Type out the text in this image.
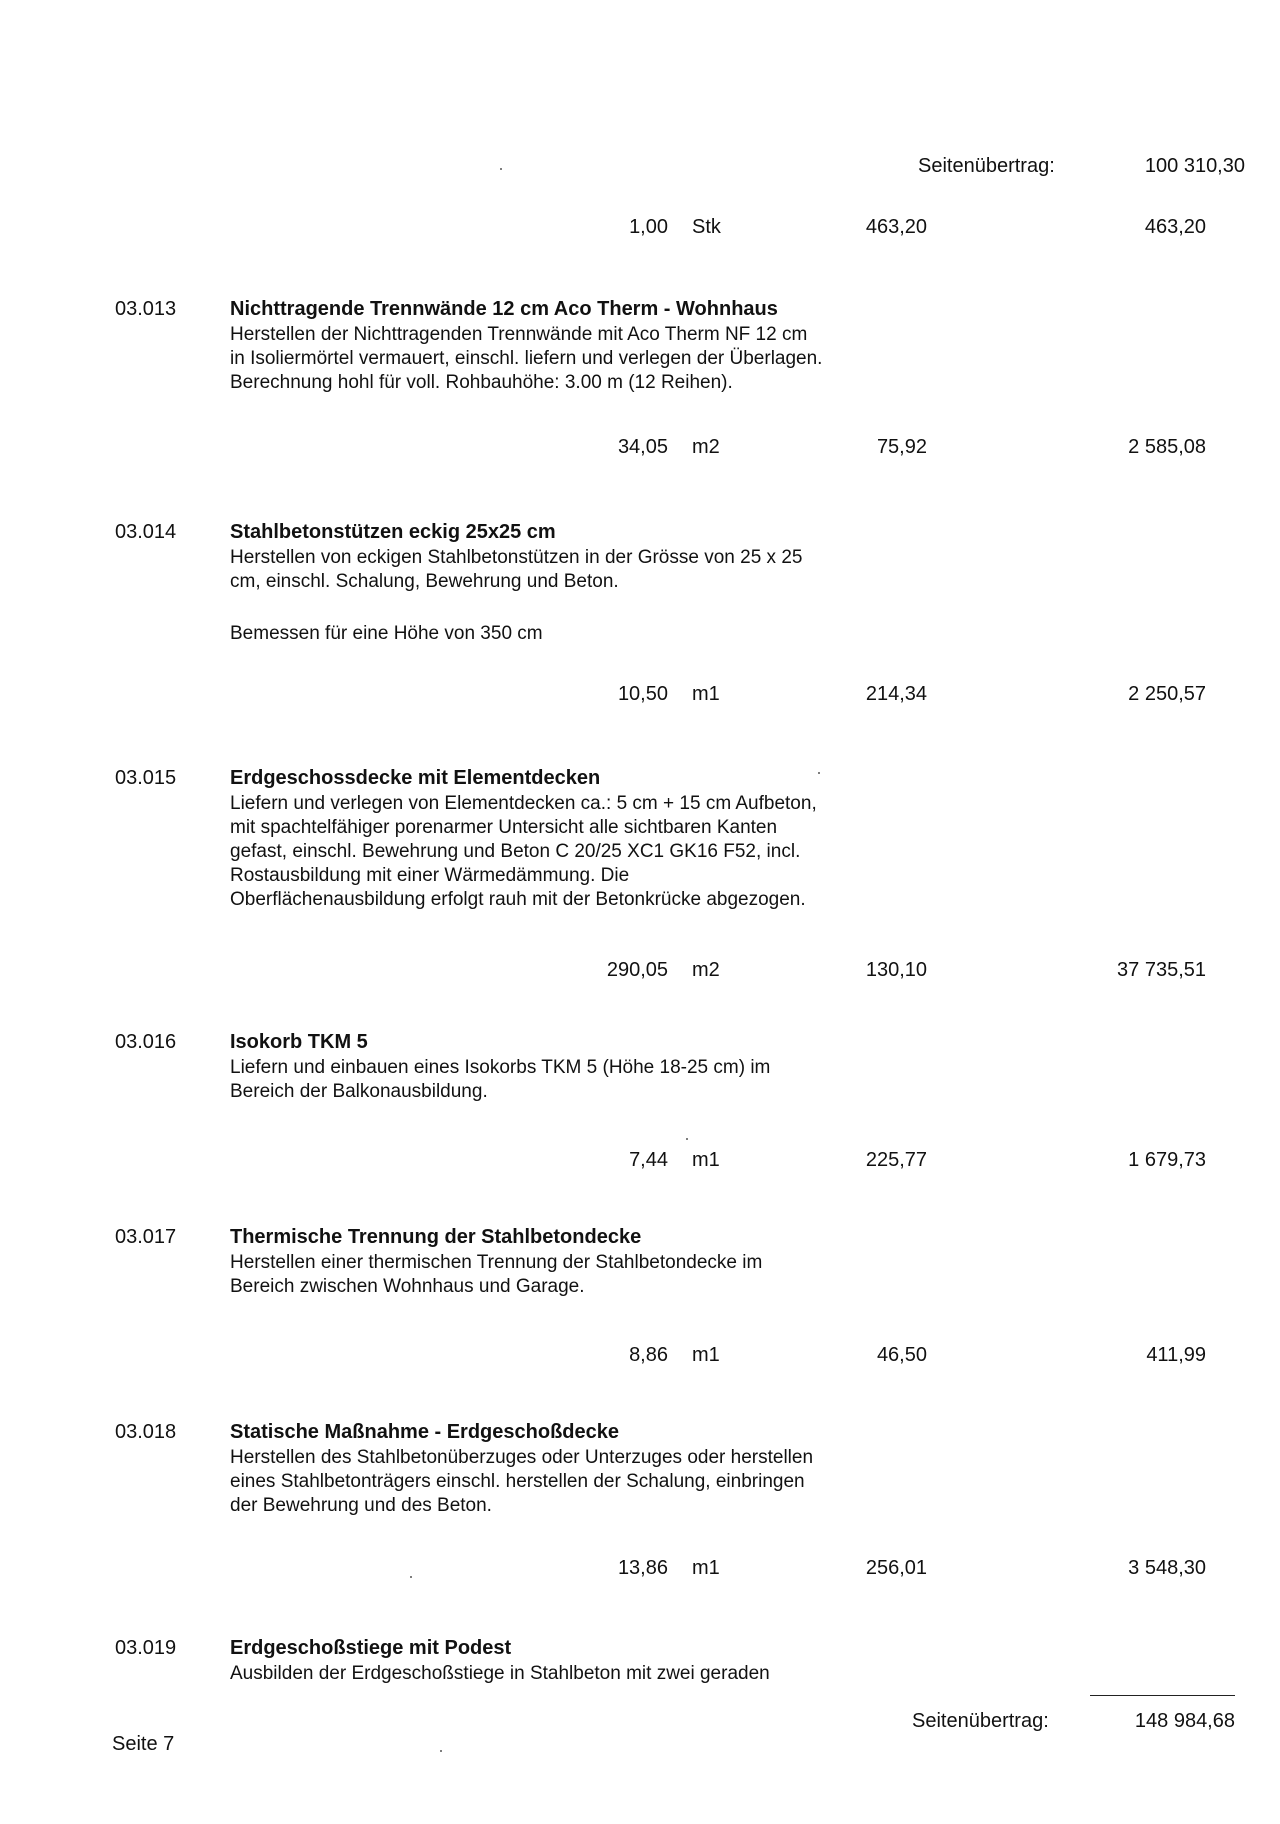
Seitenübertrag:	100 310,30
1,00 Stk	463,20	463,20
03.013	Nichttragende Trennwände 12 cm Aco Therm - Wohnhaus
Herstellen der Nichttragenden Trennwände mit Aco Therm NF 12 cm
in Isoliermörtel vermauert, einschl. liefern und verlegen der Überlagen.
Berechnung hohl für voll. Rohbauhöhe: 3.00 m (12 Reihen).
34,05 m2	75,92	2 585,08
03.014	Stahlbetonstützen eckig 25x25 cm
Herstellen von eckigen Stahlbetonstützen in der Grösse von 25 x 25
cm, einschl. Schalung, Bewehrung und Beton.
Bemessen für eine Höhe von 350 cm
10,50 m1	214,34	2 250,57
03.015	Erdgeschossdecke mit Elementdecken
Liefern und verlegen von Elementdecken ca.: 5 cm + 15 cm Aufbeton,
mit spachtelfähiger porenarmer Untersicht alle sichtbaren Kanten
gefast, einschl. Bewehrung und Beton C 20/25 XC1 GK16 F52, incl.
Rostausbildung mit einer Wärmedämmung. Die
Oberflächenausbildung erfolgt rauh mit der Betonkrücke abgezogen.
290,05 m2	130,10	37 735,51
03.016	Isokorb TKM 5
Liefern und einbauen eines Isokorbs TKM 5 (Höhe 18-25 cm) im
Bereich der Balkonausbildung.
7,44 m1	225,77	1 679,73
03.017	Thermische Trennung der Stahlbetondecke
Herstellen einer thermischen Trennung der Stahlbetondecke im
Bereich zwischen Wohnhaus und Garage.
8,86 m1	46,50	411,99
03.018	Statische Maßnahme - Erdgeschoßdecke
Herstellen des Stahlbetonüberzuges oder Unterzuges oder herstellen
eines Stahlbetonträgers einschl. herstellen der Schalung, einbringen
der Bewehrung und des Beton.
13,86 m1	256,01	3 548,30
03.019	Erdgeschoßstiege mit Podest
Ausbilden der Erdgeschoßstiege in Stahlbeton mit zwei geraden
Seitenübertrag:	148 984,68
Seite 7
